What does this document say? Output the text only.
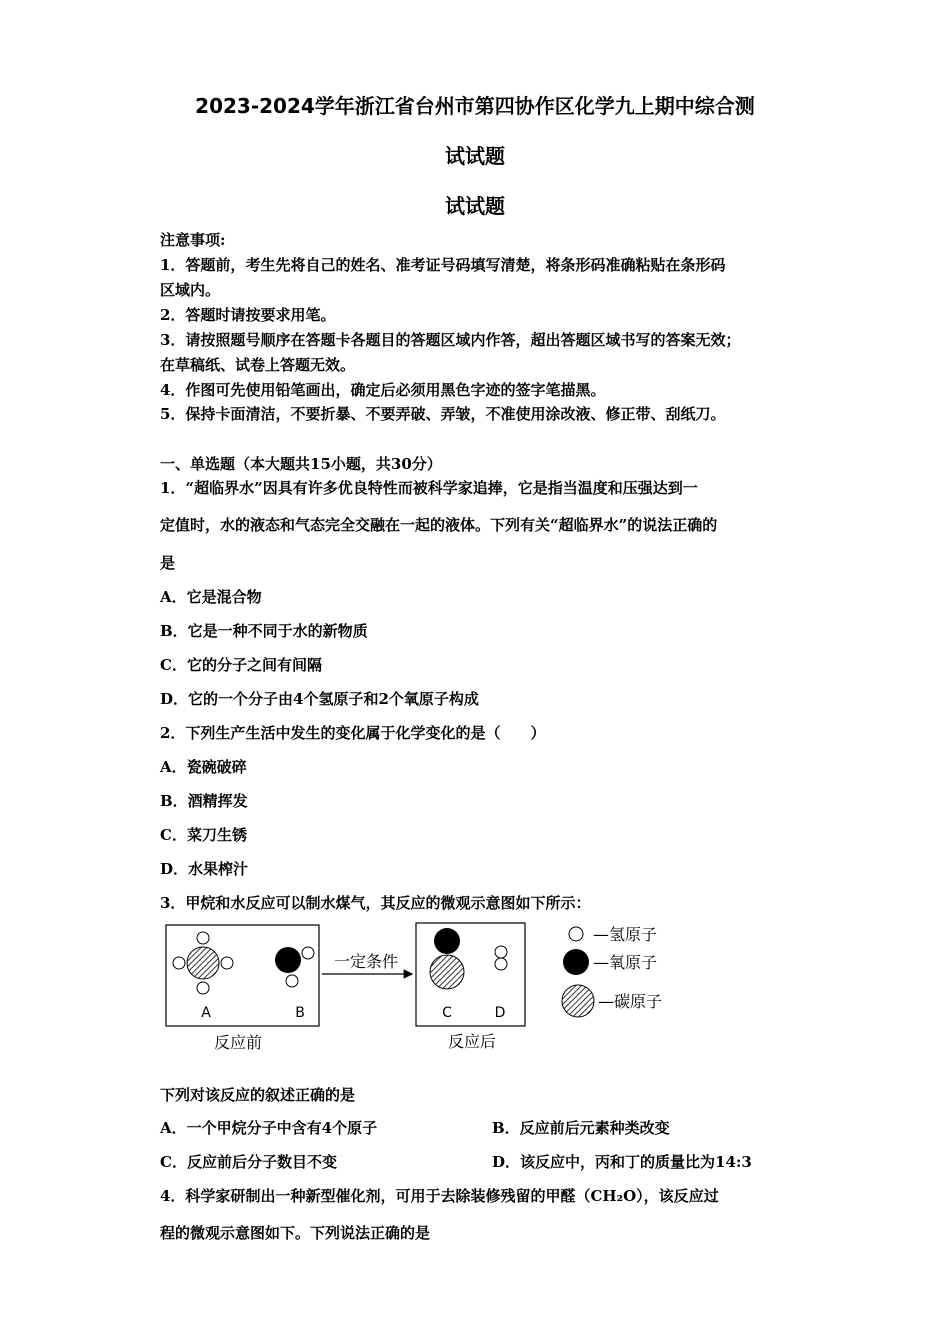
2023-2024学年浙江省台州市第四协作区化学九上期中综合测
试试题
试试题
注意事项:
1．答题前，考生先将自己的姓名、准考证号码填写清楚，将条形码准确粘贴在条形码
区域内。
2．答题时请按要求用笔。
3．请按照题号顺序在答题卡各题目的答题区域内作答，超出答题区域书写的答案无效；
在草稿纸、试卷上答题无效。
4．作图可先使用铅笔画出，确定后必须用黑色字迹的签字笔描黑。
5．保持卡面清洁，不要折暴、不要弄破、弄皱，不准使用涂改液、修正带、刮纸刀。
一、单选题（本大题共15小题，共30分）
1．“超临界水”因具有许多优良特性而被科学家追捧，它是指当温度和压强达到一
定值时，水的液态和气态完全交融在一起的液体。下列有关“超临界水”的说法正确的
是
A．它是混合物
B．它是一种不同于水的新物质
C．它的分子之间有间隔
D．它的一个分子由4个氢原子和2个氧原子构成
2．下列生产生活中发生的变化属于化学变化的是（　　）
A．瓷碗破碎
B．酒精挥发
C．菜刀生锈
D．水果榨汁
3．甲烷和水反应可以制水煤气，其反应的微观示意图如下所示：
A	B
反应前
一定条件
C	D
反应后
—氢原子
—氧原子
—碳原子
下列对该反应的叙述正确的是
A．一个甲烷分子中含有4个原子	B．反应前后元素种类改变
C．反应前后分子数目不变	D．该反应中，丙和丁的质量比为14:3
4．科学家研制出一种新型催化剂，可用于去除装修残留的甲醛（CH₂O），该反应过
程的微观示意图如下。下列说法正确的是
